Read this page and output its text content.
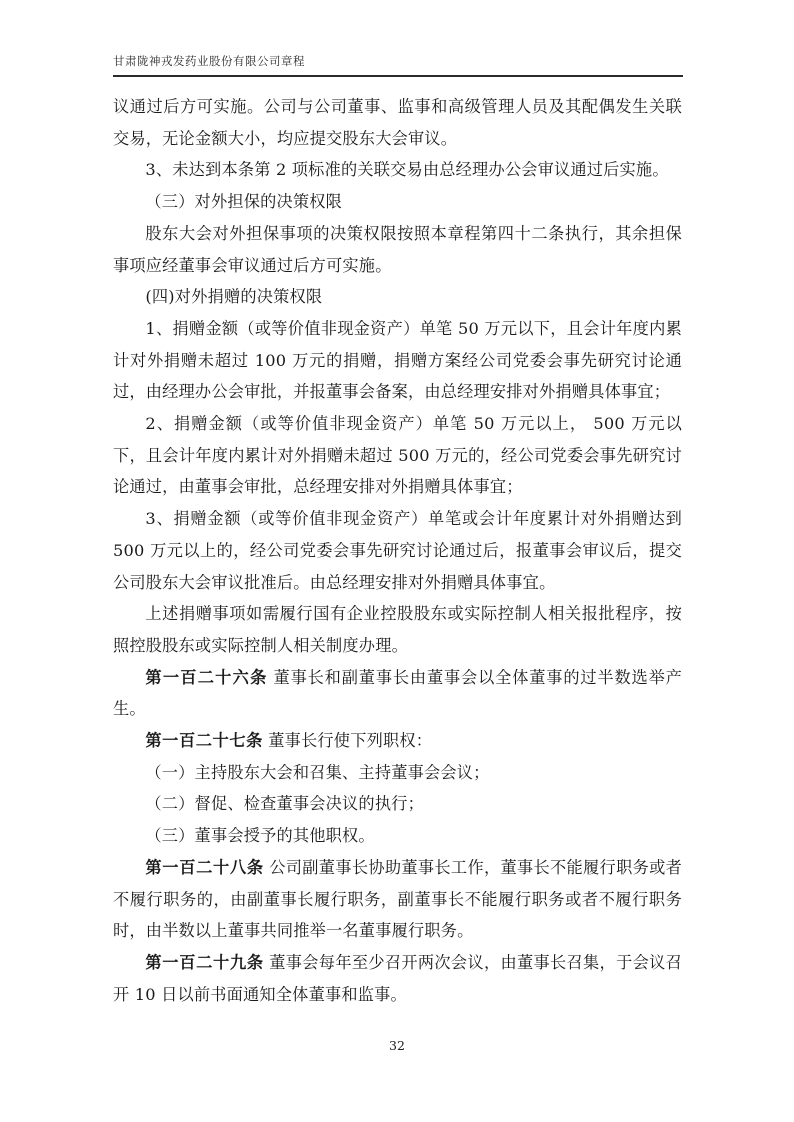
甘肃陇神戎发药业股份有限公司章程

议通过后方可实施。公司与公司董事、监事和高级管理人员及其配偶发生关联交易，无论金额大小，均应提交股东大会审议。

3、未达到本条第 2 项标准的关联交易由总经理办公会审议通过后实施。

（三）对外担保的决策权限

股东大会对外担保事项的决策权限按照本章程第四十二条执行，其余担保事项应经董事会审议通过后方可实施。

(四)对外捐赠的决策权限

1、捐赠金额（或等价值非现金资产）单笔 50 万元以下，且会计年度内累计对外捐赠未超过 100 万元的捐赠，捐赠方案经公司党委会事先研究讨论通过，由经理办公会审批，并报董事会备案，由总经理安排对外捐赠具体事宜；

2、捐赠金额（或等价值非现金资产）单笔 50 万元以上， 500 万元以下，且会计年度内累计对外捐赠未超过 500 万元的，经公司党委会事先研究讨论通过，由董事会审批，总经理安排对外捐赠具体事宜；

3、捐赠金额（或等价值非现金资产）单笔或会计年度累计对外捐赠达到 500 万元以上的，经公司党委会事先研究讨论通过后，报董事会审议后，提交公司股东大会审议批准后。由总经理安排对外捐赠具体事宜。

上述捐赠事项如需履行国有企业控股股东或实际控制人相关报批程序，按照控股股东或实际控制人相关制度办理。

第一百二十六条 董事长和副董事长由董事会以全体董事的过半数选举产生。

第一百二十七条 董事长行使下列职权：

（一）主持股东大会和召集、主持董事会会议；

（二）督促、检查董事会决议的执行；

（三）董事会授予的其他职权。

第一百二十八条 公司副董事长协助董事长工作，董事长不能履行职务或者不履行职务的，由副董事长履行职务，副董事长不能履行职务或者不履行职务时，由半数以上董事共同推举一名董事履行职务。

第一百二十九条 董事会每年至少召开两次会议，由董事长召集，于会议召开 10 日以前书面通知全体董事和监事。

32
